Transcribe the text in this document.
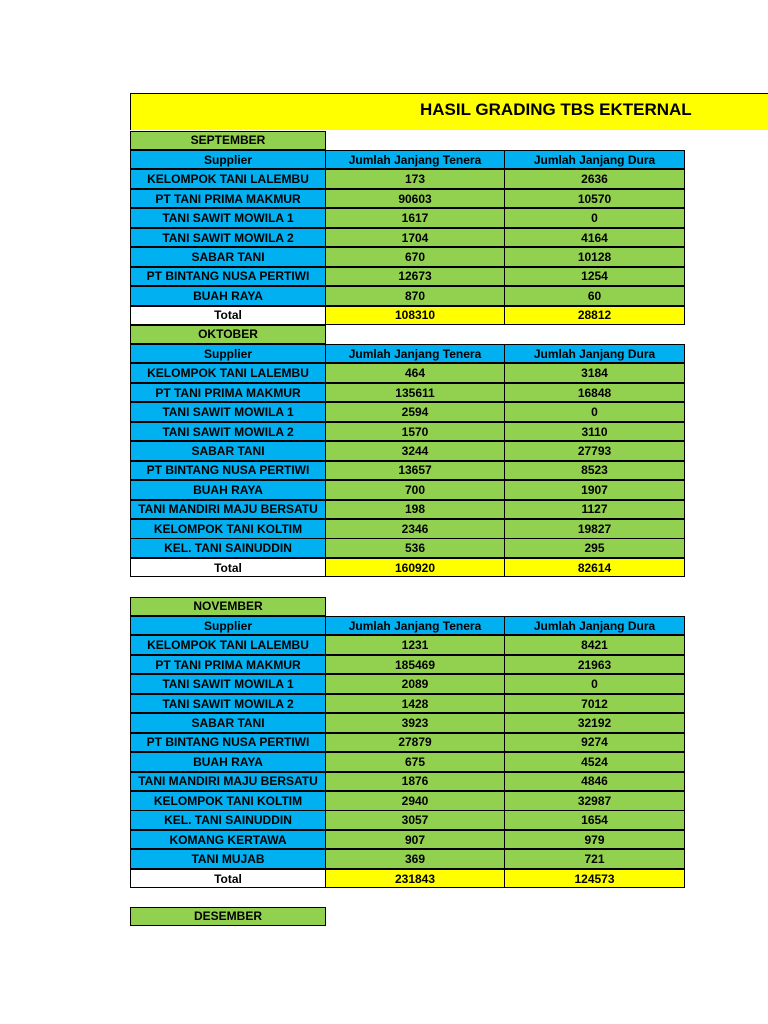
HASIL GRADING TBS EKTERNAL
SEPTEMBER
Supplier	Jumlah Janjang Tenera	Jumlah Janjang Dura
KELOMPOK TANI LALEMBU	173	2636
PT TANI PRIMA MAKMUR	90603	10570
TANI SAWIT MOWILA 1	1617	0
TANI SAWIT MOWILA 2	1704	4164
SABAR TANI	670	10128
PT BINTANG NUSA PERTIWI	12673	1254
BUAH RAYA	870	60
Total	108310	28812
OKTOBER
Supplier	Jumlah Janjang Tenera	Jumlah Janjang Dura
KELOMPOK TANI LALEMBU	464	3184
PT TANI PRIMA MAKMUR	135611	16848
TANI SAWIT MOWILA 1	2594	0
TANI SAWIT MOWILA 2	1570	3110
SABAR TANI	3244	27793
PT BINTANG NUSA PERTIWI	13657	8523
BUAH RAYA	700	1907
TANI MANDIRI MAJU BERSATU	198	1127
KELOMPOK TANI KOLTIM	2346	19827
KEL. TANI SAINUDDIN	536	295
Total	160920	82614
NOVEMBER
Supplier	Jumlah Janjang Tenera	Jumlah Janjang Dura
KELOMPOK TANI LALEMBU	1231	8421
PT TANI PRIMA MAKMUR	185469	21963
TANI SAWIT MOWILA 1	2089	0
TANI SAWIT MOWILA 2	1428	7012
SABAR TANI	3923	32192
PT BINTANG NUSA PERTIWI	27879	9274
BUAH RAYA	675	4524
TANI MANDIRI MAJU BERSATU	1876	4846
KELOMPOK TANI KOLTIM	2940	32987
KEL. TANI SAINUDDIN	3057	1654
KOMANG KERTAWA	907	979
TANI MUJAB	369	721
Total	231843	124573
DESEMBER
